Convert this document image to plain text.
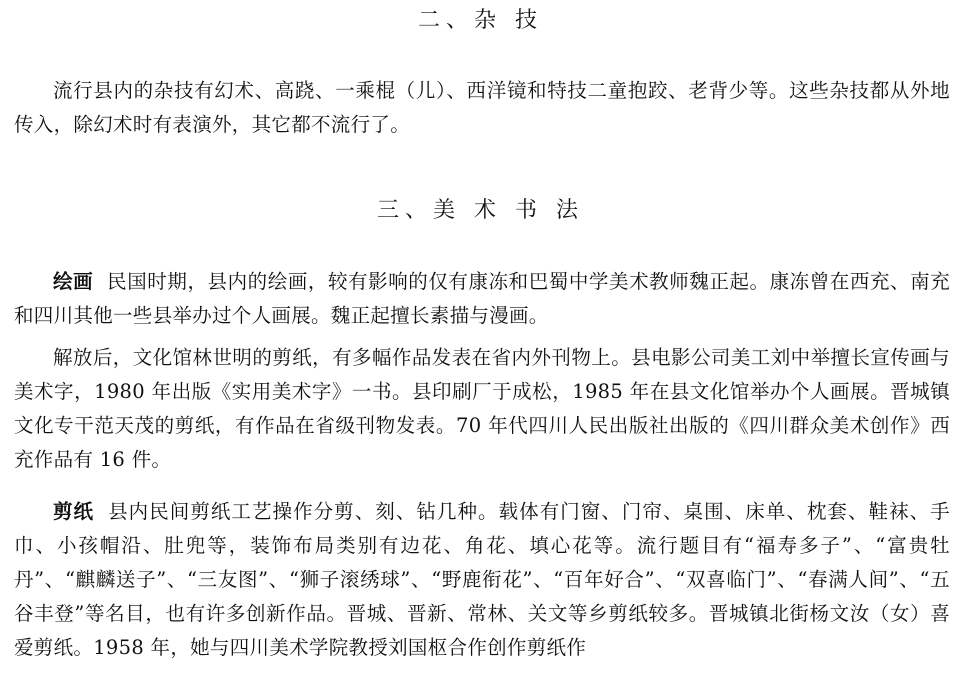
二、杂 技
流行县内的杂技有幻术、高跷、一乘棍（儿）、西洋镜和特技二童抱跤、老背少等。这些杂技都从外地传入，除幻术时有表演外，其它都不流行了。
三、美 术 书 法
绘画 民国时期，县内的绘画，较有影响的仅有康冻和巴蜀中学美术教师魏正起。康冻曾在西充、南充和四川其他一些县举办过个人画展。魏正起擅长素描与漫画。
解放后，文化馆林世明的剪纸，有多幅作品发表在省内外刊物上。县电影公司美工刘中举擅长宣传画与美术字，1980 年出版《实用美术字》一书。县印刷厂于成松，1985 年在县文化馆举办个人画展。晋城镇文化专干范天茂的剪纸，有作品在省级刊物发表。70 年代四川人民出版社出版的《四川群众美术创作》西充作品有 16 件。
剪纸 县内民间剪纸工艺操作分剪、刻、钻几种。载体有门窗、门帘、桌围、床单、枕套、鞋袜、手巾、小孩帽沿、肚兜等，装饰布局类别有边花、角花、填心花等。流行题目有“福寿多子”、“富贵牡丹”、“麒麟送子”、“三友图”、“狮子滚绣球”、“野鹿衔花”、“百年好合”、“双喜临门”、“春满人间”、“五谷丰登”等名目，也有许多创新作品。晋城、晋新、常林、关文等乡剪纸较多。晋城镇北街杨文汝（女）喜爱剪纸。1958 年，她与四川美术学院教授刘国枢合作创作剪纸作
